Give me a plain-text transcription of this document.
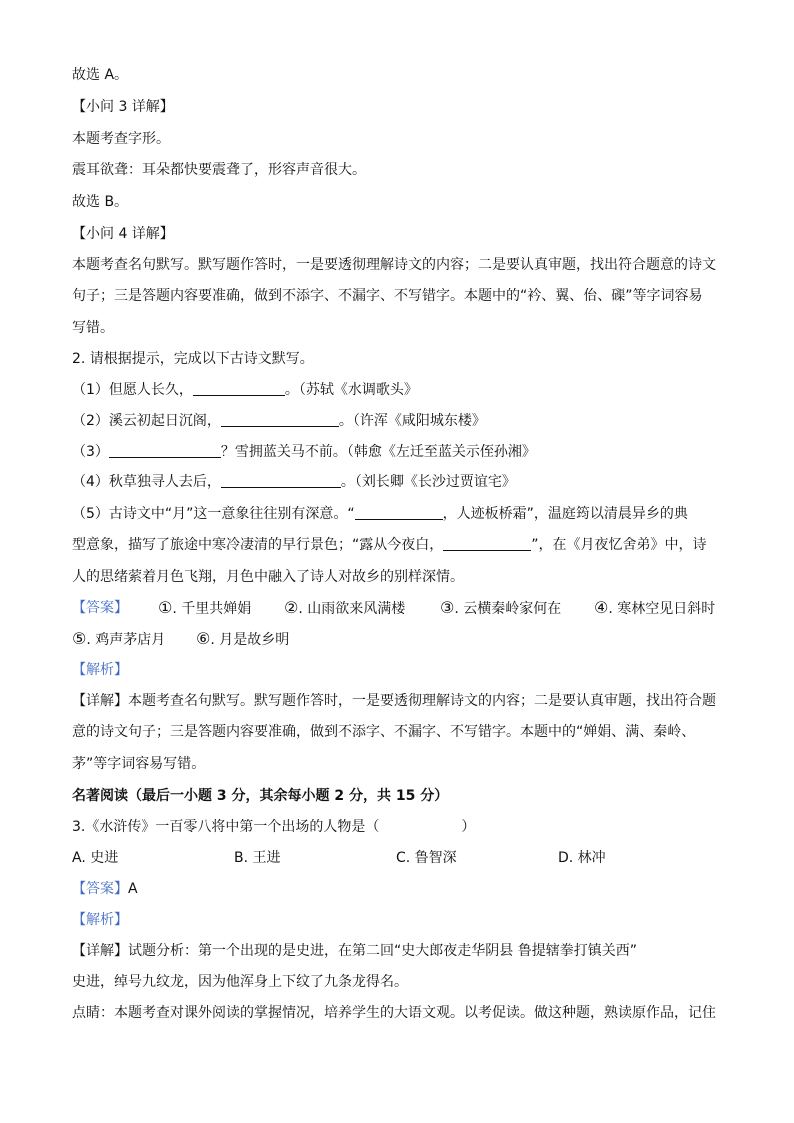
故选 A。
【小问 3 详解】
本题考查字形。
震耳欲聋：耳朵都快要震聋了，形容声音很大。
故选 B。
【小问 4 详解】
本题考查名句默写。默写题作答时，一是要透彻理解诗文的内容；二是要认真审题，找出符合题意的诗文
句子；三是答题内容要准确，做到不添字、不漏字、不写错字。本题中的“衿、翼、佁、磲”等字词容易
写错。
2. 请根据提示，完成以下古诗文默写。
（1）但愿人长久，	。（苏轼《水调歌头》
（2）溪云初起日沉阁，	。（许浑《咸阳城东楼》
（3）	？雪拥蓝关马不前。（韩愈《左迁至蓝关示侄孙湘》
（4）秋草独寻人去后，	。（刘长卿《长沙过贾谊宅》
（5）古诗文中“月”这一意象往往别有深意。“	，人迹板桥霜”，温庭筠以清晨异乡的典
型意象，描写了旅途中寒冷凄清的早行景色；“露从今夜白，	”，在《月夜忆舍弟》中，诗
人的思绪萦着月色飞翔，月色中融入了诗人对故乡的别样深情。
【答案】 ①. 千里共婵娟 ②. 山雨欲来风满楼 ③. 云横秦岭家何在 ④. 寒林空见日斜时
⑤. 鸡声茅店月 ⑥. 月是故乡明
【解析】
【详解】本题考查名句默写。默写题作答时，一是要透彻理解诗文的内容；二是要认真审题，找出符合题
意的诗文句子；三是答题内容要准确，做到不添字、不漏字、不写错字。本题中的“婵娟、满、秦岭、
茅”等字词容易写错。
名著阅读（最后一小题 3 分，其余每小题 2 分，共 15 分）
3.《水浒传》一百零八将中第一个出场的人物是（	）
A. 史进	B. 王进	C. 鲁智深	D. 林冲
【答案】A
【解析】
【详解】试题分析：第一个出现的是史进，在第二回“史大郎夜走华阴县 鲁提辖拳打镇关西”
史进，绰号九纹龙，因为他浑身上下纹了九条龙得名。
点睛：本题考查对课外阅读的掌握情况，培养学生的大语文观。以考促读。做这种题，熟读原作品，记住
